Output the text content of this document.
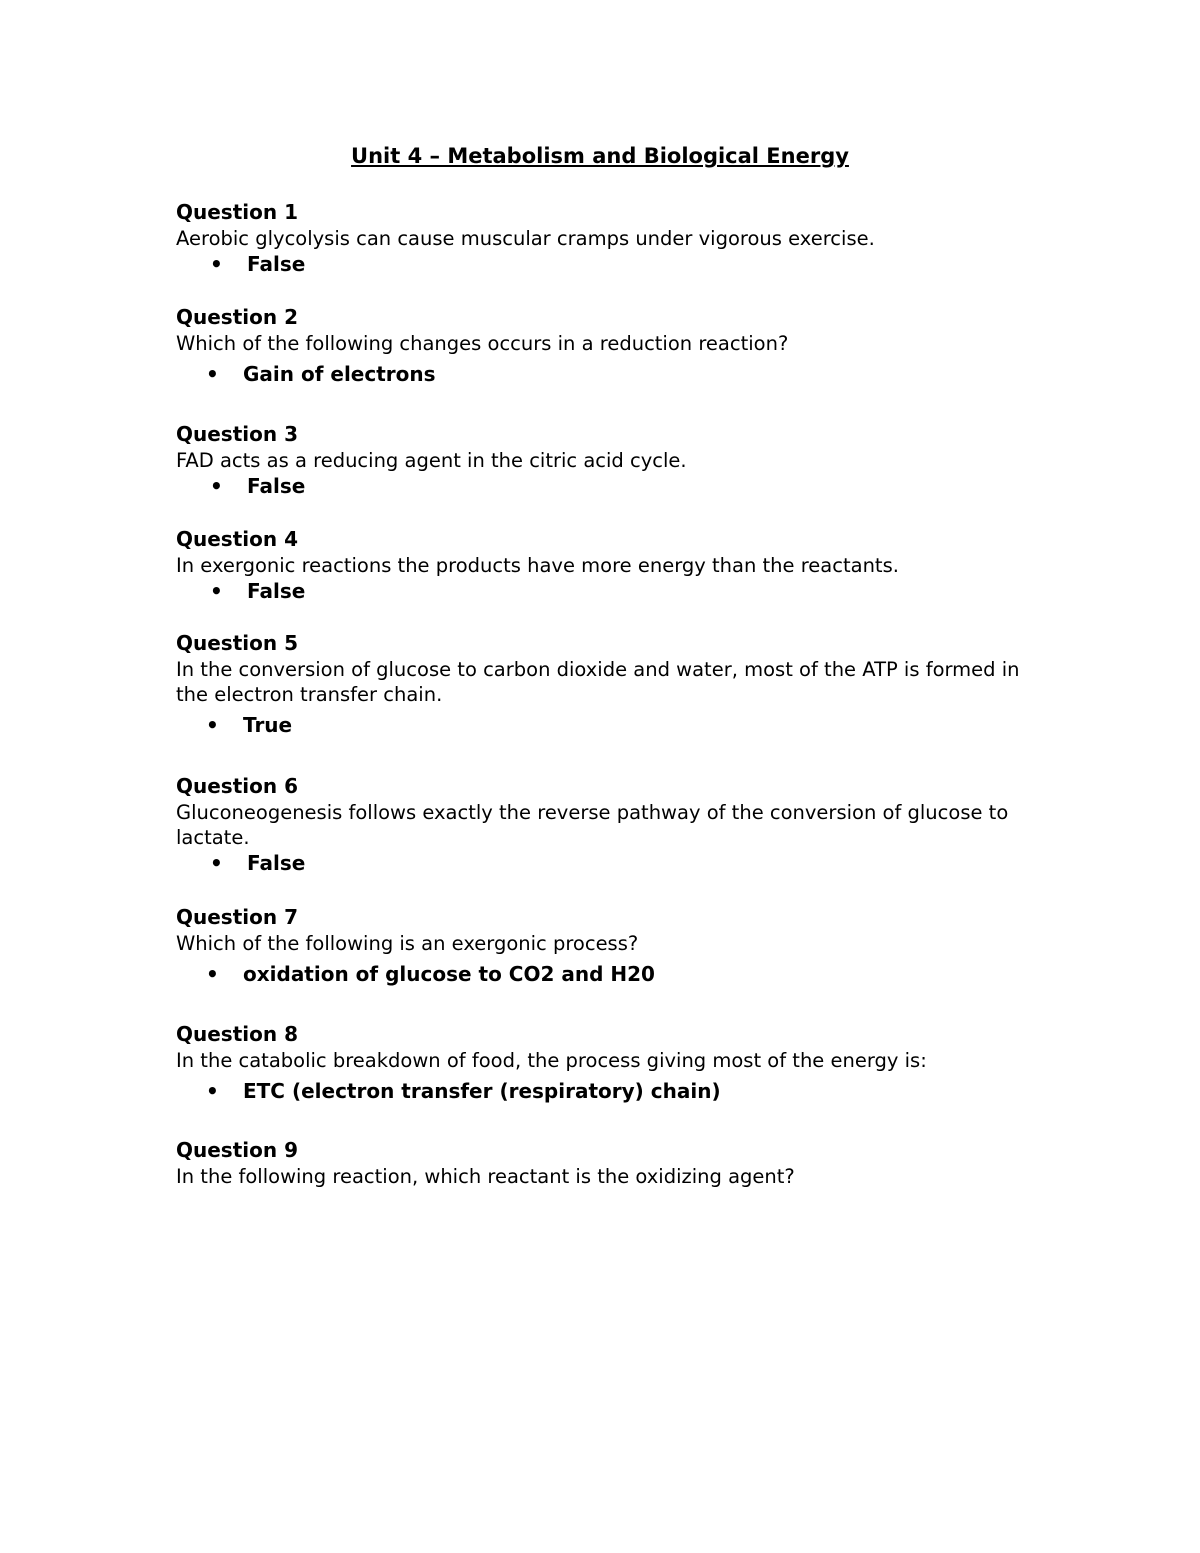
Unit 4 – Metabolism and Biological Energy
Question 1
Aerobic glycolysis can cause muscular cramps under vigorous exercise.
• False
Question 2
Which of the following changes occurs in a reduction reaction?
• Gain of electrons
Question 3
FAD acts as a reducing agent in the citric acid cycle.
• False
Question 4
In exergonic reactions the products have more energy than the reactants.
• False
Question 5
In the conversion of glucose to carbon dioxide and water, most of the ATP is formed in the electron transfer chain.
• True
Question 6
Gluconeogenesis follows exactly the reverse pathway of the conversion of glucose to lactate.
• False
Question 7
Which of the following is an exergonic process?
• oxidation of glucose to CO2 and H20
Question 8
In the catabolic breakdown of food, the process giving most of the energy is:
• ETC (electron transfer (respiratory) chain)
Question 9
In the following reaction, which reactant is the oxidizing agent?
